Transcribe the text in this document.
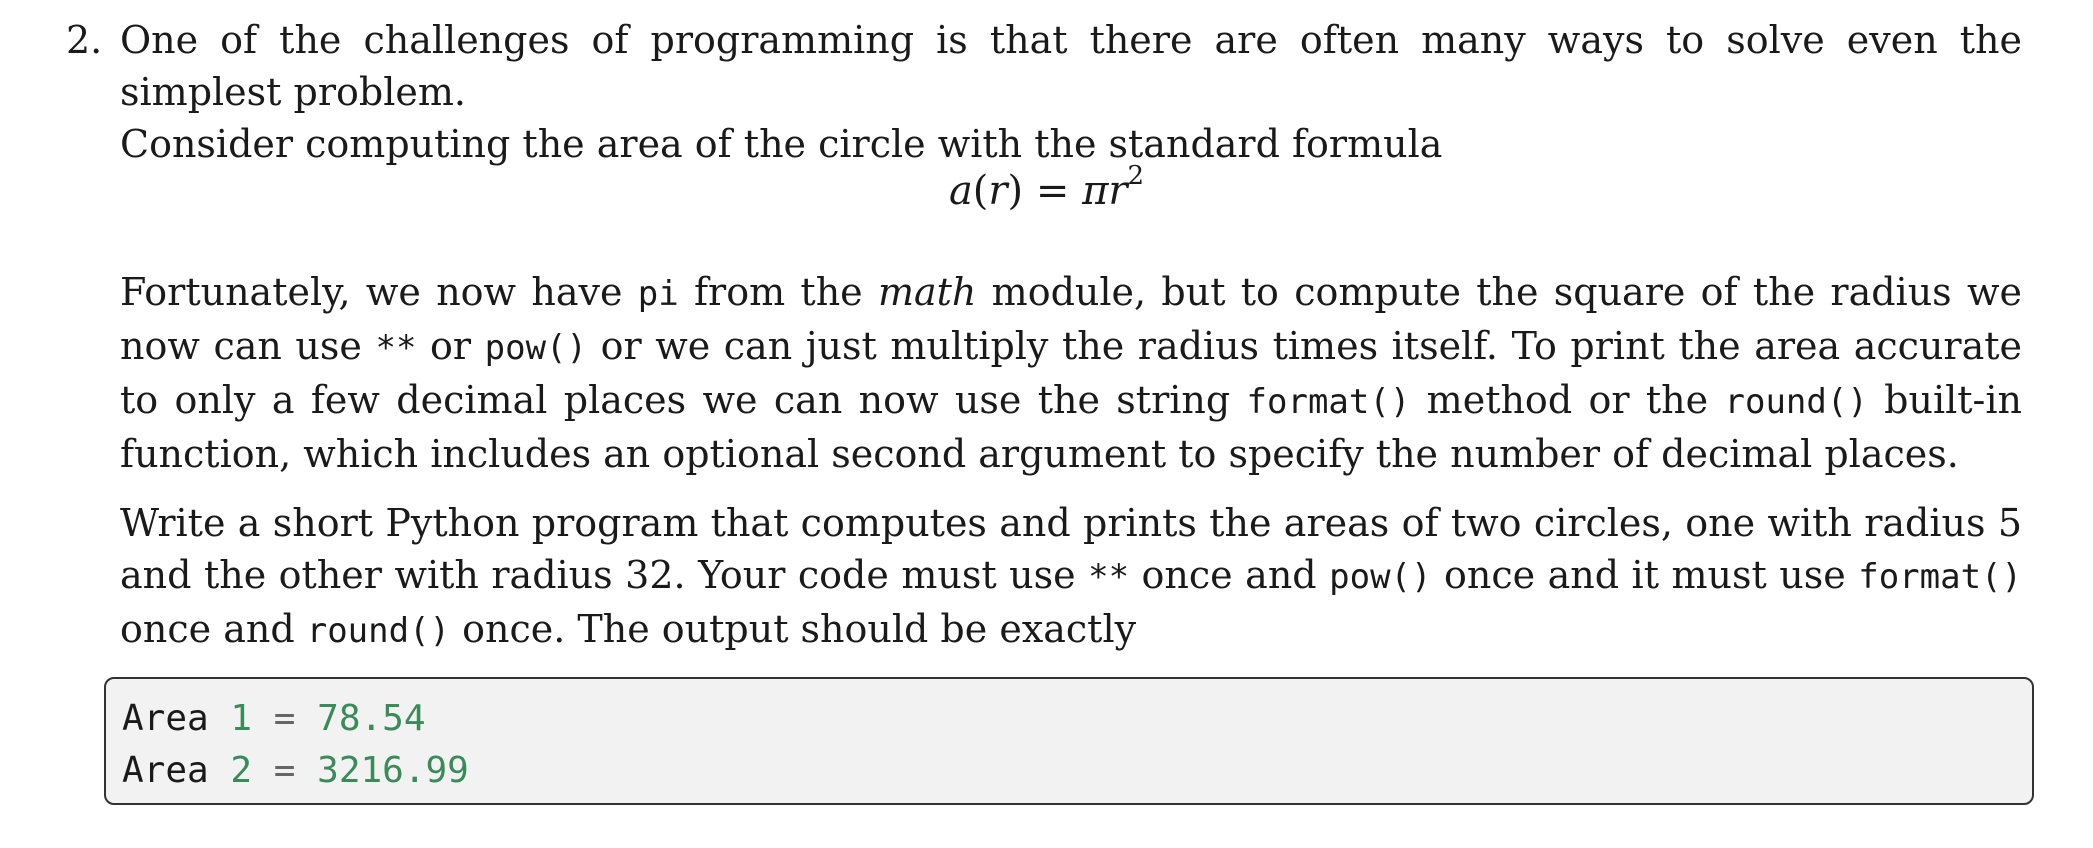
2. One of the challenges of programming is that there are often many ways to solve even the simplest problem.
Consider computing the area of the circle with the standard formula
$a(r) = \pi r^2$
Fortunately, we now have pi from the math module, but to compute the square of the radius we now can use ** or pow() or we can just multiply the radius times itself. To print the area accurate to only a few decimal places we can now use the string format() method or the round() built-in function, which includes an optional second argument to specify the number of decimal places.
Write a short Python program that computes and prints the areas of two circles, one with radius 5 and the other with radius 32. Your code must use ** once and pow() once and it must use format() once and round() once. The output should be exactly
Area 1 = 78.54
Area 2 = 3216.99
